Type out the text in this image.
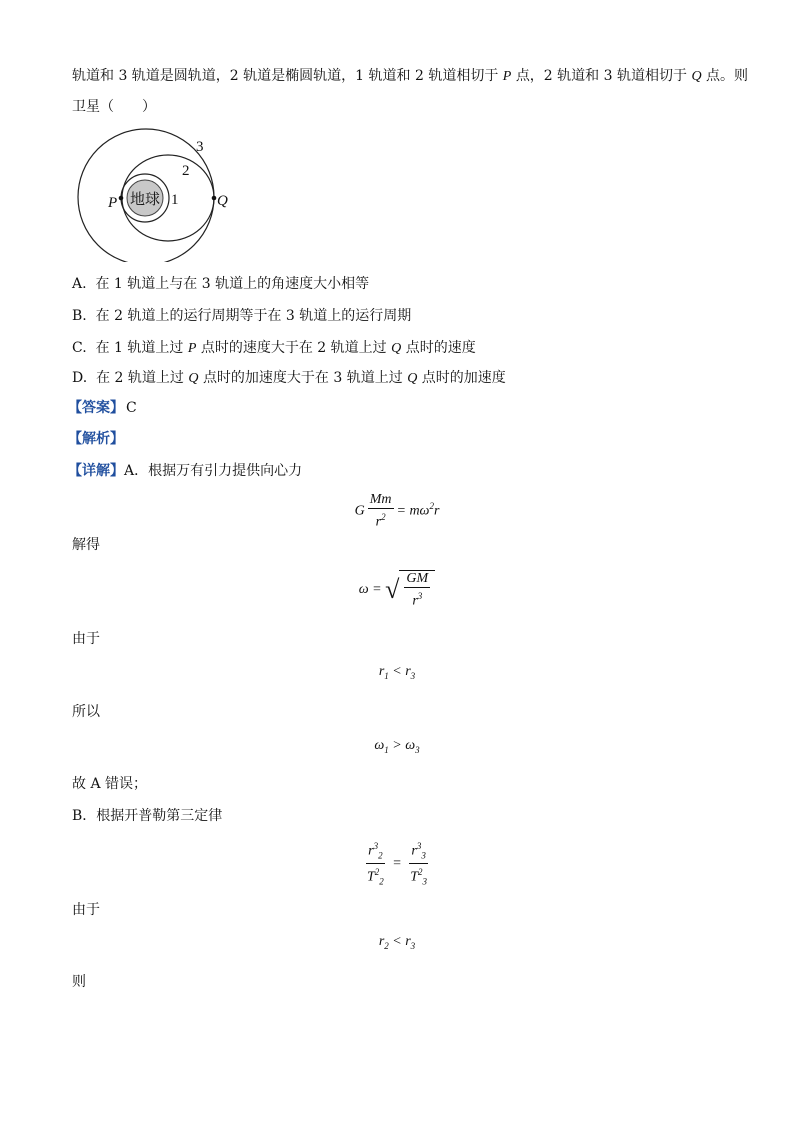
轨道和 3 轨道是圆轨道，2 轨道是椭圆轨道，1 轨道和 2 轨道相切于 P 点，2 轨道和 3 轨道相切于 Q 点。则
卫星（　　）
地球 1
2
3
P	Q
A. 在 1 轨道上与在 3 轨道上的角速度大小相等
B. 在 2 轨道上的运行周期等于在 3 轨道上的运行周期
C. 在 1 轨道上过 P 点时的速度大于在 2 轨道上过 Q 点时的速度
D. 在 2 轨道上过 Q 点时的加速度大于在 3 轨道上过 Q 点时的加速度
【答案】 C
【解析】
【详解】A．根据万有引力提供向心力
G $\frac{Mm}{r^2} = m\omega^2r$
解得
ω = √ $\frac{GM}{r^3}$
由于
$r_1 < r_3$
所以
$\omega_1 > \omega_3$
故 A 错误；
B．根据开普勒第三定律
$\frac{r^3_2}{T^2_2} = \frac{r^3_3}{T^2_3}$
由于
$r_2 < r_3$
则
